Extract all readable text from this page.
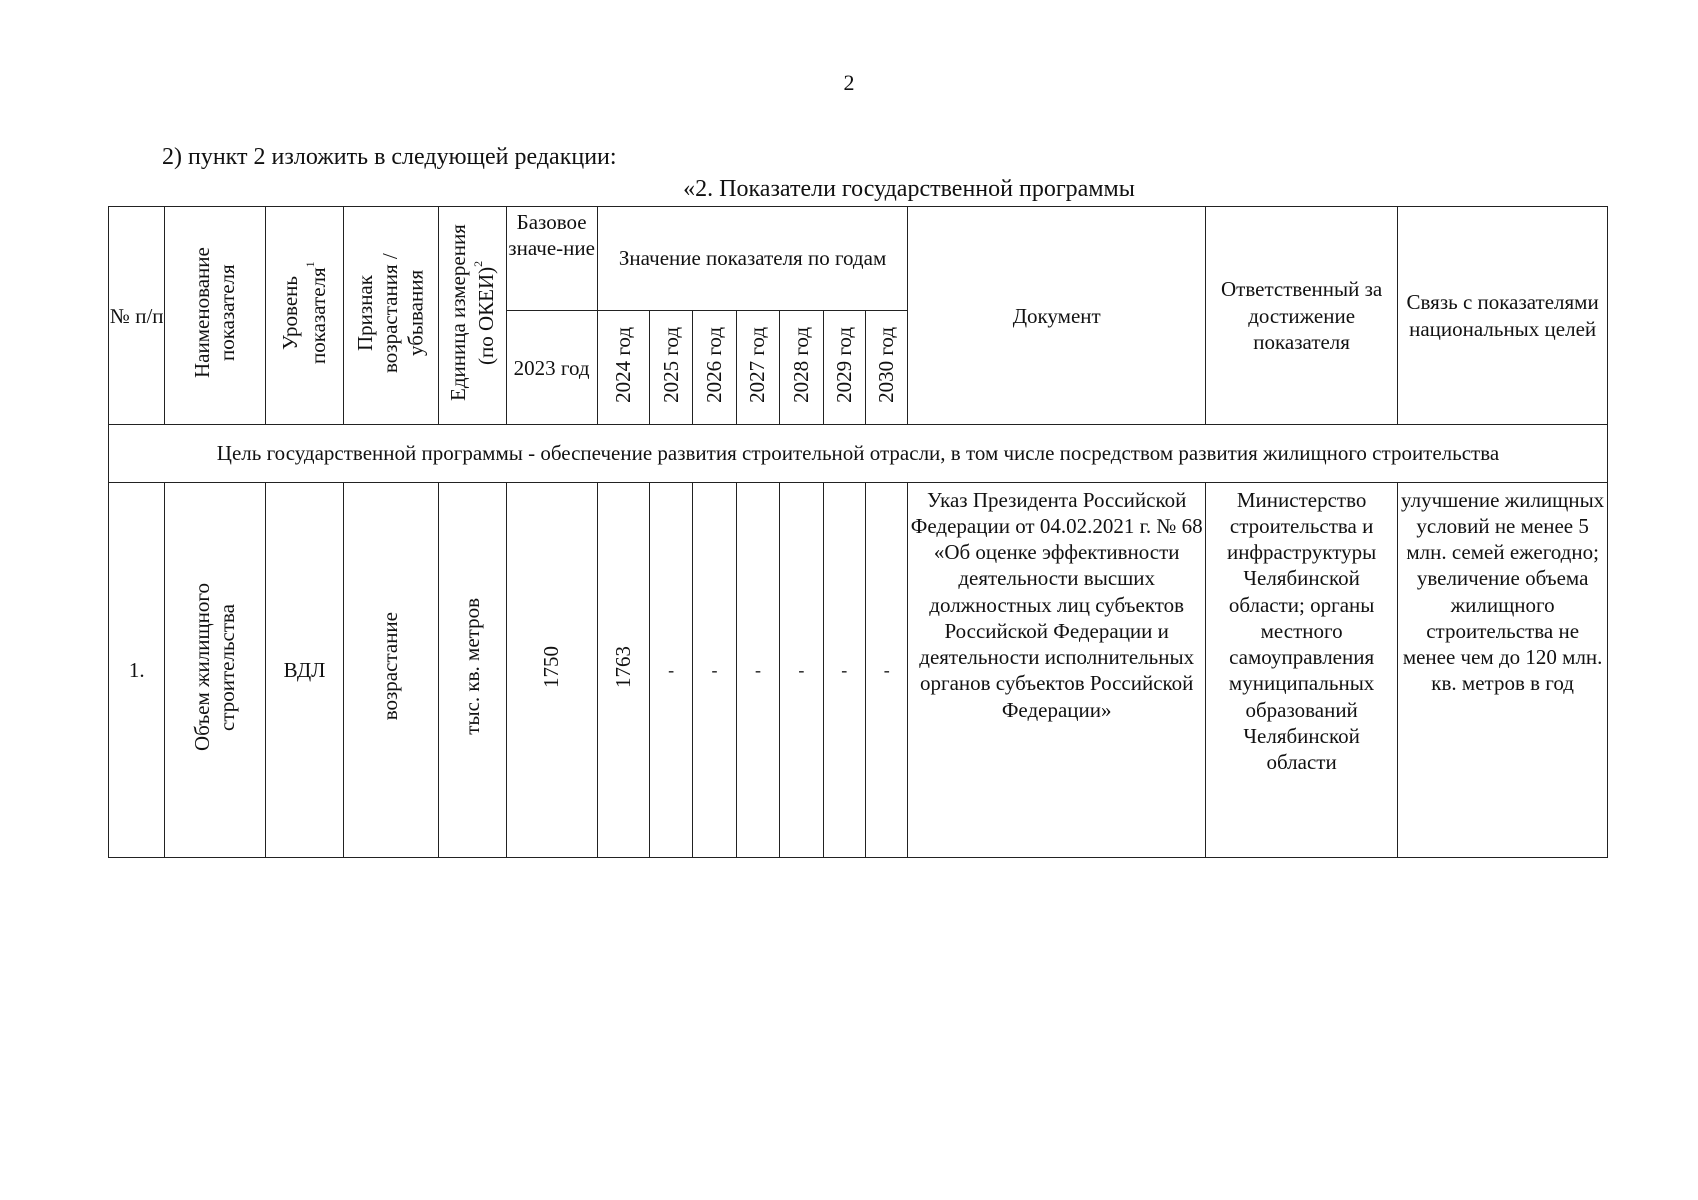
2
2) пункт 2 изложить в следующей редакции:
«2. Показатели государственной программы
№ п/п	Наименование показателя	Уровень показателя$^1$	Признак возрастания / убывания	Единица измерения (по ОКЕИ)$^2$	Базовое значе-ние	Значение показателя по годам							Документ	Ответственный за достижение показателя	Связь с показателями национальных целей
					2023 год	2024 год	2025 год	2026 год	2027 год	2028 год	2029 год	2030 год			
Цель государственной программы - обеспечение развития строительной отрасли, в том числе посредством развития жилищного строительства															
1.	Объем жилищного строительства	ВДЛ	возрастание	тыс. кв. метров	1750	1763	-	-	-	-	-	-	Указ Президента Российской Федерации от 04.02.2021 г. № 68 «Об оценке эффективности деятельности высших должностных лиц субъектов Российской Федерации и деятельности исполнительных органов субъектов Российской Федерации»	Министерство строительства и инфраструктуры Челябинской области; органы местного самоуправления муниципальных образований Челябинской области	улучшение жилищных условий не менее 5 млн. семей ежегодно; увеличение объема жилищного строительства не менее чем до 120 млн. кв. метров в год
